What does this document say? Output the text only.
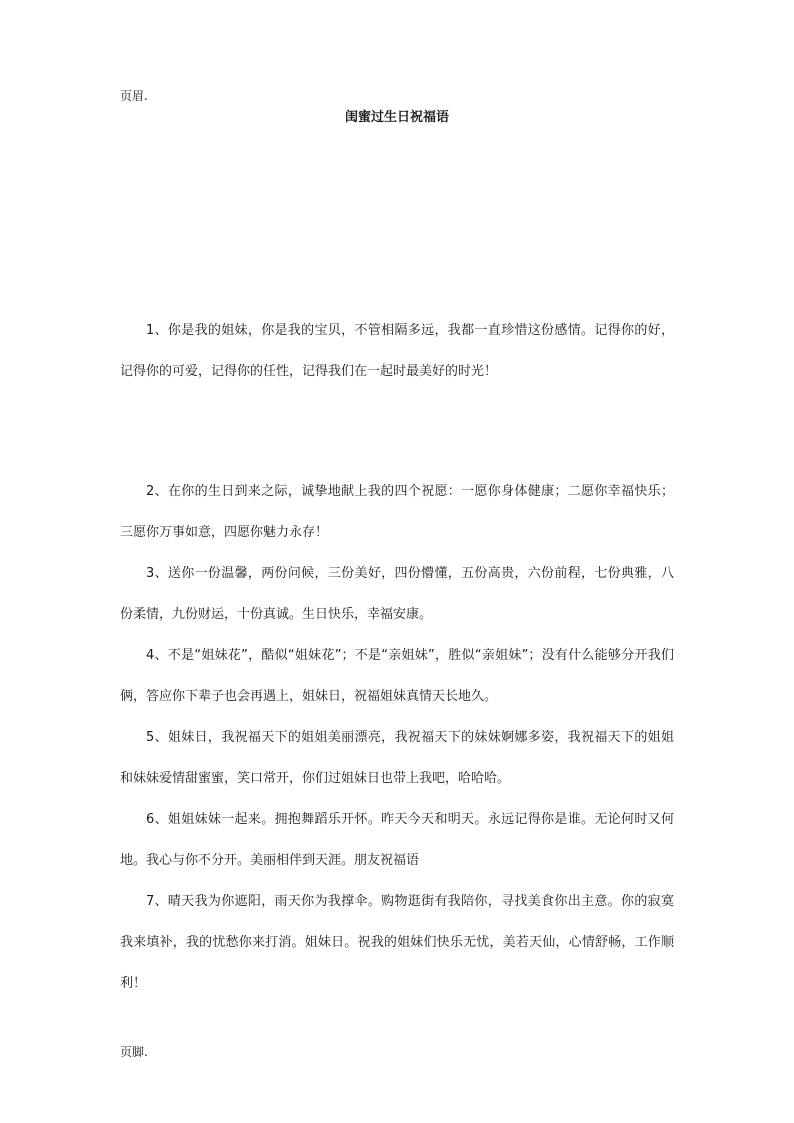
页眉.
闺蜜过生日祝福语

1、你是我的姐妹，你是我的宝贝，不管相隔多远，我都一直珍惜这份感情。记得你的好，记得你的可爱，记得你的任性，记得我们在一起时最美好的时光！

2、在你的生日到来之际，诚挚地献上我的四个祝愿：一愿你身体健康；二愿你幸福快乐；三愿你万事如意，四愿你魅力永存！

3、送你一份温馨，两份问候，三份美好，四份懵懂，五份高贵，六份前程，七份典雅，八份柔情，九份财运，十份真诚。生日快乐，幸福安康。

4、不是“姐妹花”，酷似“姐妹花”；不是“亲姐妹”，胜似“亲姐妹”；没有什么能够分开我们俩，答应你下辈子也会再遇上，姐妹日，祝福姐妹真情天长地久。

5、姐妹日，我祝福天下的姐姐美丽漂亮，我祝福天下的妹妹婀娜多姿，我祝福天下的姐姐和妹妹爱情甜蜜蜜，笑口常开，你们过姐妹日也带上我吧，哈哈哈。

6、姐姐妹妹一起来。拥抱舞蹈乐开怀。昨天今天和明天。永远记得你是谁。无论何时又何地。我心与你不分开。美丽相伴到天涯。朋友祝福语

7、晴天我为你遮阳，雨天你为我撑伞。购物逛街有我陪你，寻找美食你出主意。你的寂寞我来填补，我的忧愁你来打消。姐妹日。祝我的姐妹们快乐无忧，美若天仙，心情舒畅，工作顺利！

页脚.
